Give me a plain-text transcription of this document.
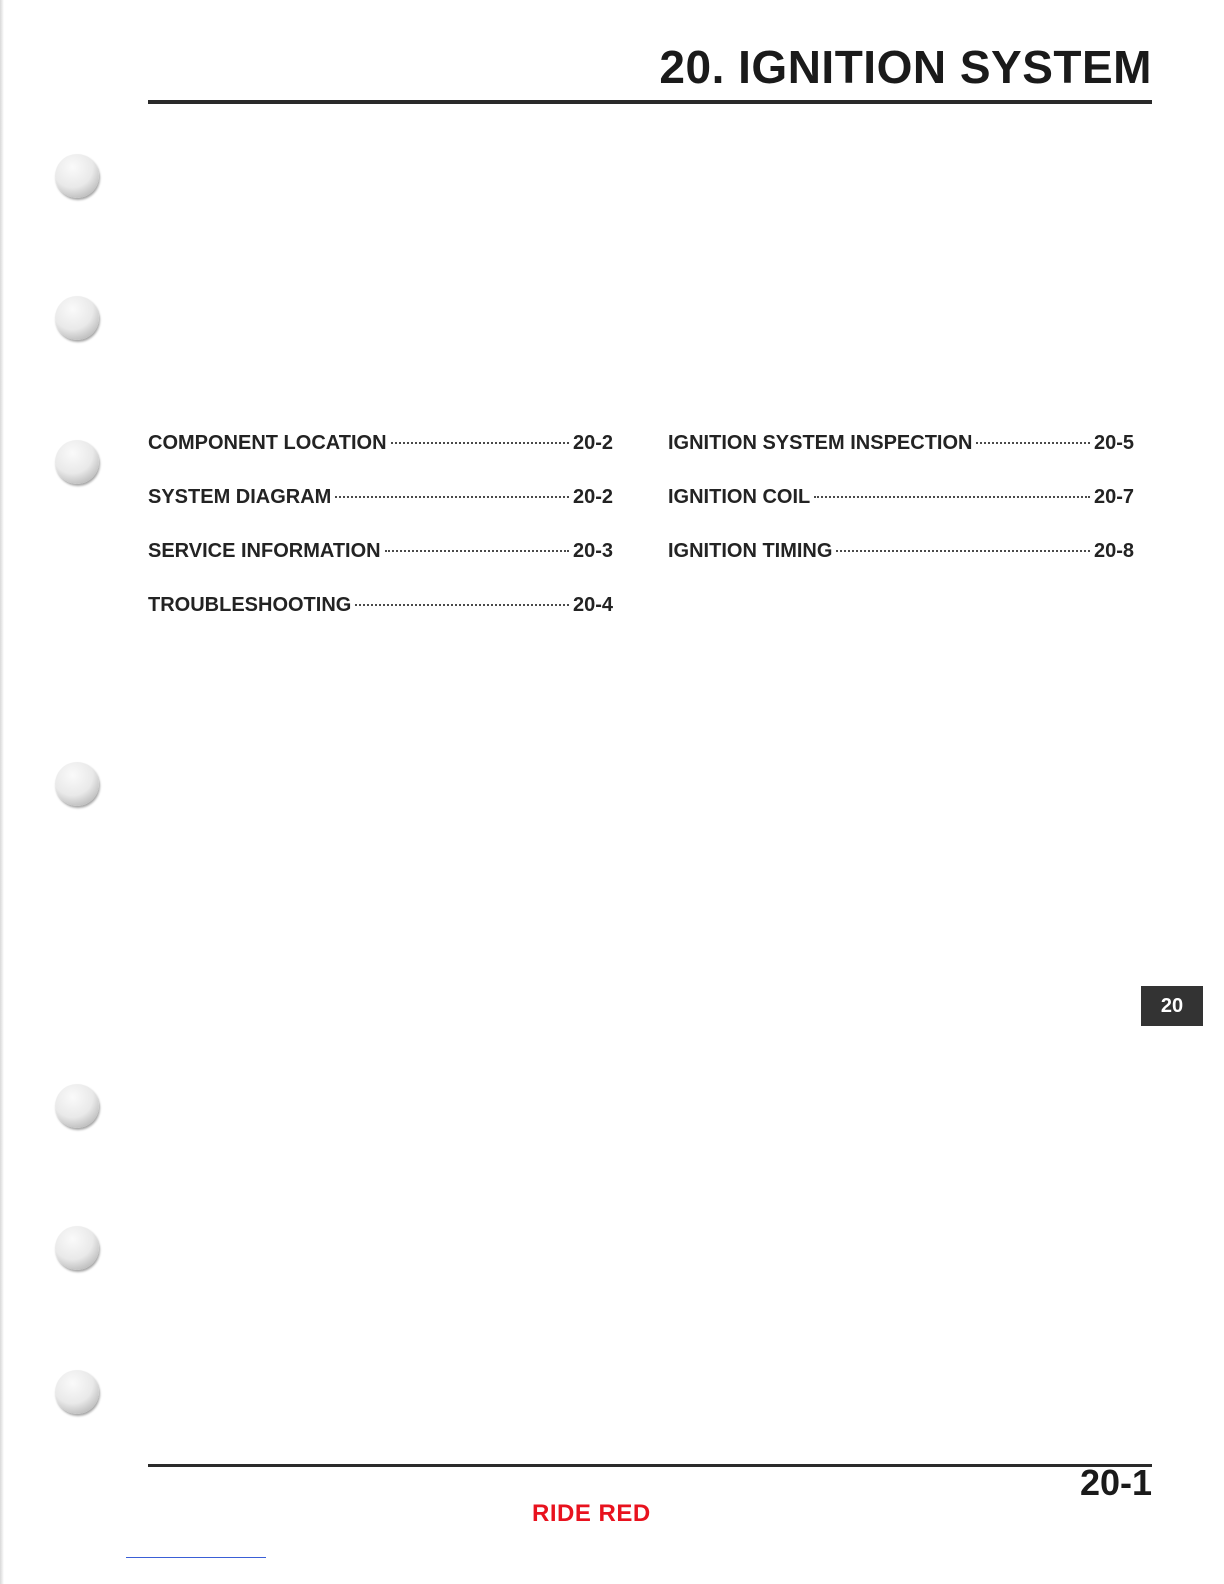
20. IGNITION SYSTEM
COMPONENT LOCATION	20-2
SYSTEM DIAGRAM	20-2
SERVICE INFORMATION	20-3
TROUBLESHOOTING	20-4
IGNITION SYSTEM INSPECTION	20-5
IGNITION COIL	20-7
IGNITION TIMING	20-8
20
20-1
RIDE RED
